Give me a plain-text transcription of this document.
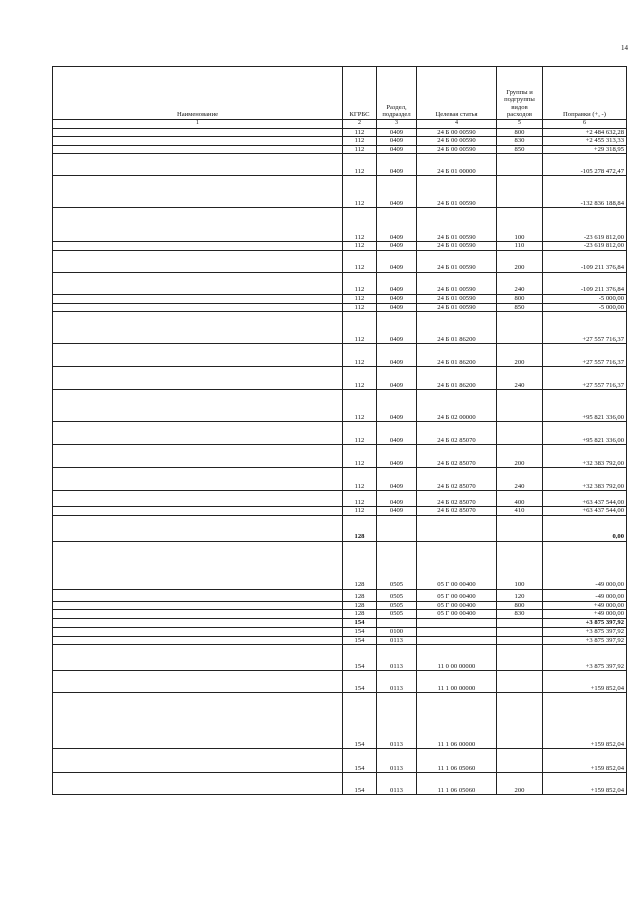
14
Наименование	КГРБС	Раздел, подраздел	Целевая статья	Группы и подгруппы видов расходов	Поправки (+, -)
1	2	3	4	5	6
	112	0409	24 Б 00 00590	800	+2 484 632,28
	112	0409	24 Б 00 00590	830	+2 455 313,33
	112	0409	24 Б 00 00590	850	+29 318,95
	112	0409	24 Б 01 00000		-105 278 472,47
	112	0409	24 Б 01 00590		-132 836 188,84
	112	0409	24 Б 01 00590	100	-23 619 812,00
	112	0409	24 Б 01 00590	110	-23 619 812,00
	112	0409	24 Б 01 00590	200	-109 211 376,84
	112	0409	24 Б 01 00590	240	-109 211 376,84
	112	0409	24 Б 01 00590	800	-5 000,00
	112	0409	24 Б 01 00590	850	-5 000,00
	112	0409	24 Б 01 86200		+27 557 716,37
	112	0409	24 Б 01 86200	200	+27 557 716,37
	112	0409	24 Б 01 86200	240	+27 557 716,37
	112	0409	24 Б 02 00000		+95 821 336,00
	112	0409	24 Б 02 85070		+95 821 336,00
	112	0409	24 Б 02 85070	200	+32 383 792,00
	112	0409	24 Б 02 85070	240	+32 383 792,00
	112	0409	24 Б 02 85070	400	+63 437 544,00
	112	0409	24 Б 02 85070	410	+63 437 544,00
	128				0,00
	128	0505	05 Г 00 00400	100	-49 000,00
	128	0505	05 Г 00 00400	120	-49 000,00
	128	0505	05 Г 00 00400	800	+49 000,00
	128	0505	05 Г 00 00400	830	+49 000,00
	154				+3 875 397,92
	154	0100			+3 875 397,92
	154	0113			+3 875 397,92
	154	0113	11 0 00 00000		+3 875 397,92
	154	0113	11 1 00 00000		+159 852,04
	154	0113	11 1 06 00000		+159 852,04
	154	0113	11 1 06 05060		+159 852,04
	154	0113	11 1 06 05060	200	+159 852,04
